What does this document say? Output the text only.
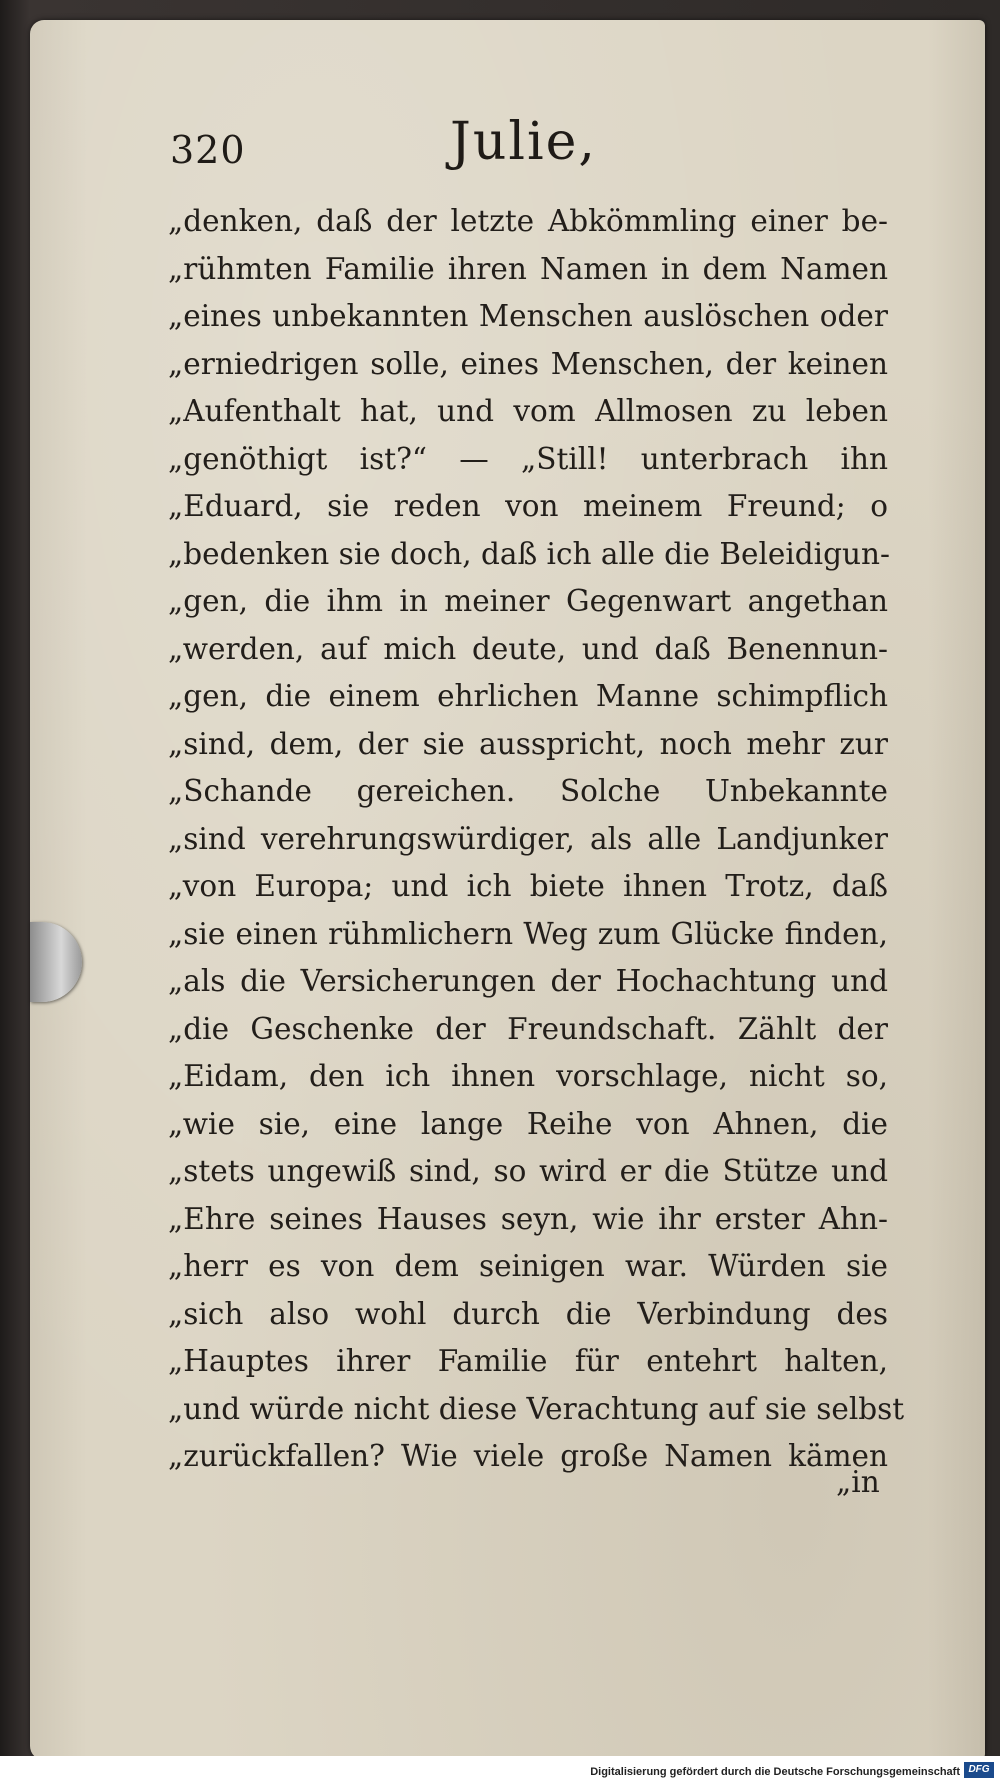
320	Julie,
„denken, daß der letzte Abkömmling einer be-
„rühmten Familie ihren Namen in dem Namen
„eines unbekannten Menschen auslöschen oder
„erniedrigen solle, eines Menschen, der keinen
„Aufenthalt hat, und vom Allmosen zu leben
„genöthigt ist?“ — „Still! unterbrach ihn
„Eduard, sie reden von meinem Freund; o
„bedenken sie doch, daß ich alle die Beleidigun-
„gen, die ihm in meiner Gegenwart angethan
„werden, auf mich deute, und daß Benennun-
„gen, die einem ehrlichen Manne schimpflich
„sind, dem, der sie ausspricht, noch mehr zur
„Schande gereichen. Solche Unbekannte
„sind verehrungswürdiger, als alle Landjunker
„von Europa; und ich biete ihnen Trotz, daß
„sie einen rühmlichern Weg zum Glücke finden,
„als die Versicherungen der Hochachtung und
„die Geschenke der Freundschaft. Zählt der
„Eidam, den ich ihnen vorschlage, nicht so,
„wie sie, eine lange Reihe von Ahnen, die
„stets ungewiß sind, so wird er die Stütze und
„Ehre seines Hauses seyn, wie ihr erster Ahn-
„herr es von dem seinigen war. Würden sie
„sich also wohl durch die Verbindung des
„Hauptes ihrer Familie für entehrt halten,
„und würde nicht diese Verachtung auf sie selbst
„zurückfallen? Wie viele große Namen kämen
„in
Digitalisierung gefördert durch die Deutsche Forschungsgemeinschaft DFG
